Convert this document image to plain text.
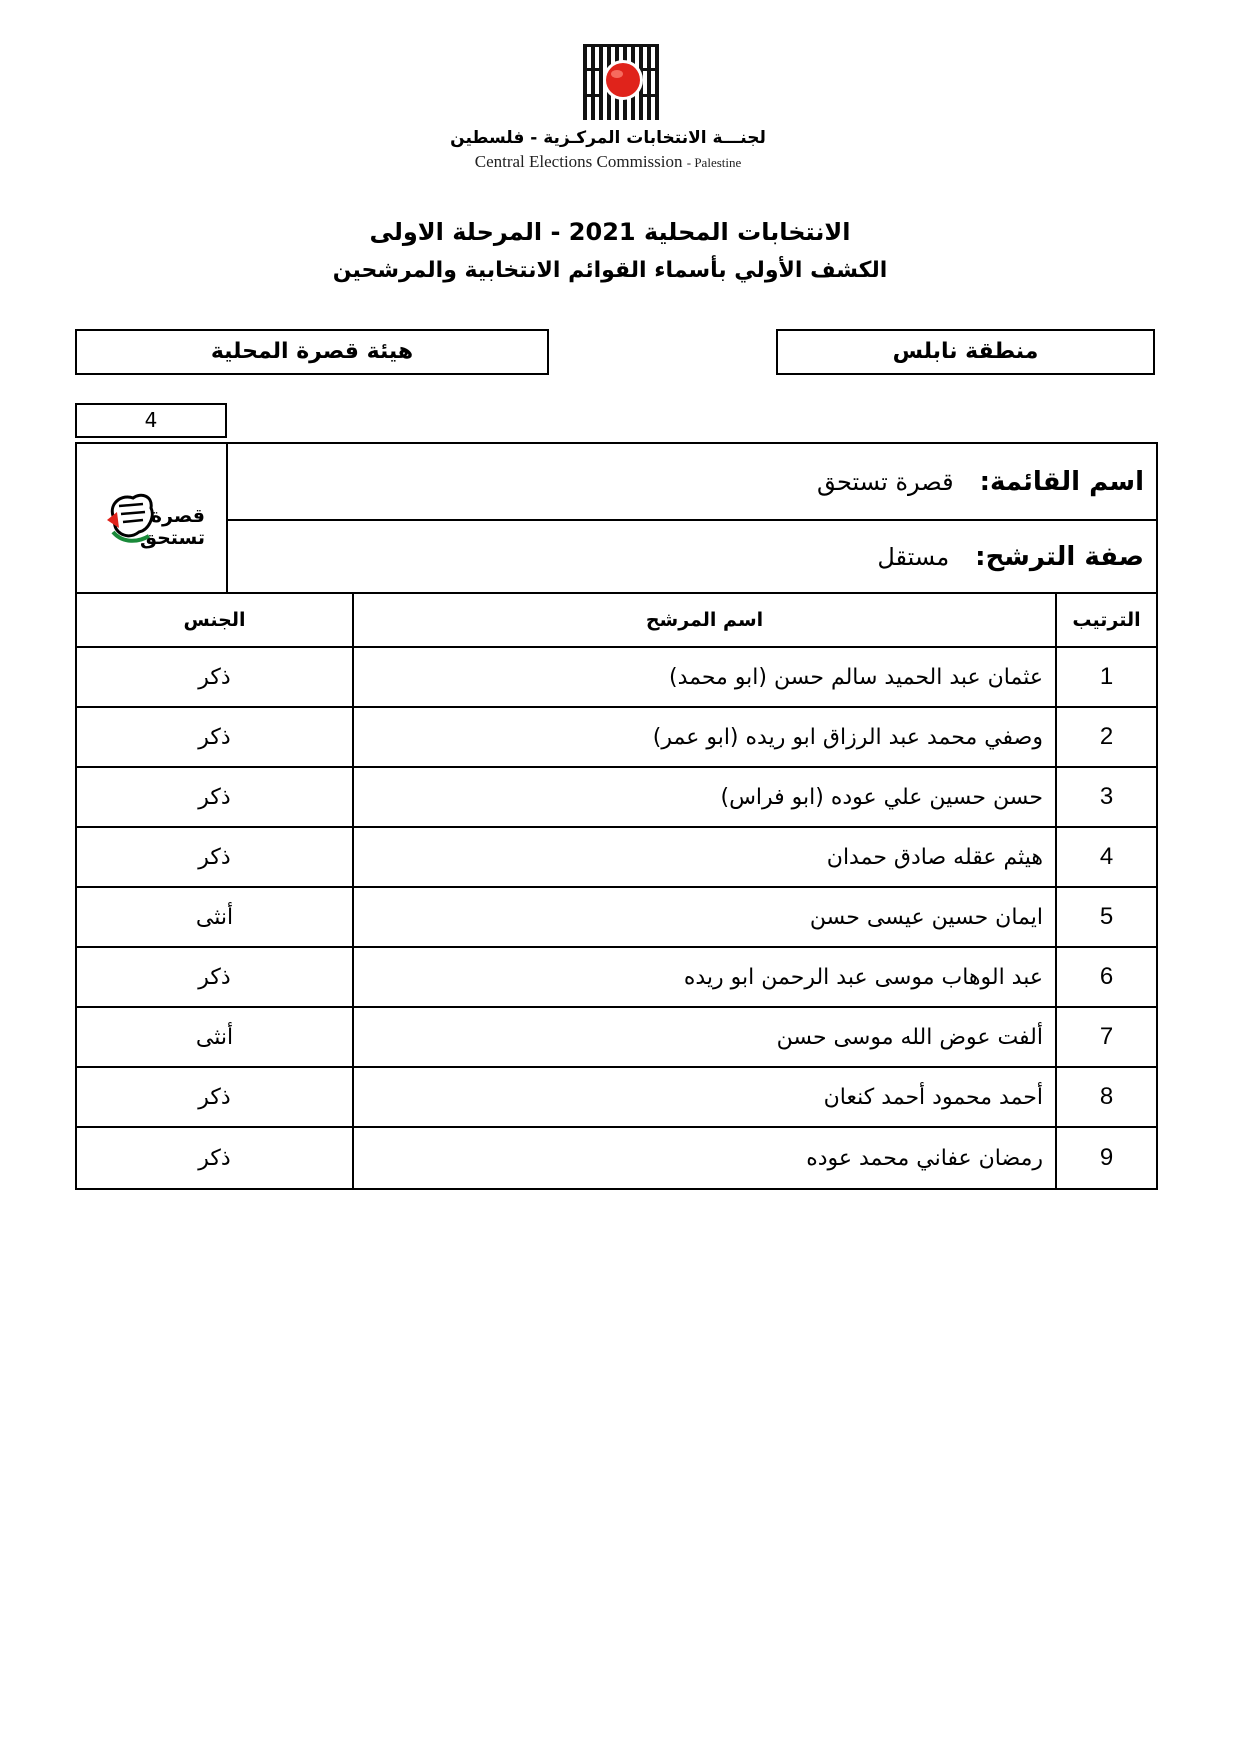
لجنـــة الانتخابات المركـزية - فلسطين
Central Elections Commission - Palestine
الانتخابات المحلية 2021 - المرحلة الاولى
الكشف الأولي بأسماء القوائم الانتخابية والمرشحين
منطقة نابلس
هيئة قصرة المحلية
4
اسم القائمة:
قصرة تستحق
صفة الترشح:
مستقل
قصرة
تستحق
الترتيب
اسم المرشح
الجنس
1
عثمان عبد الحميد سالم حسن (ابو محمد)
ذكر
2
وصفي محمد عبد الرزاق ابو ريده (ابو عمر)
ذكر
3
حسن حسين علي عوده (ابو فراس)
ذكر
4
هيثم عقله صادق حمدان
ذكر
5
ايمان حسين عيسى حسن
أنثى
6
عبد الوهاب موسى عبد الرحمن ابو ريده
ذكر
7
ألفت عوض الله موسى حسن
أنثى
8
أحمد محمود أحمد كنعان
ذكر
9
رمضان عفاني محمد عوده
ذكر
